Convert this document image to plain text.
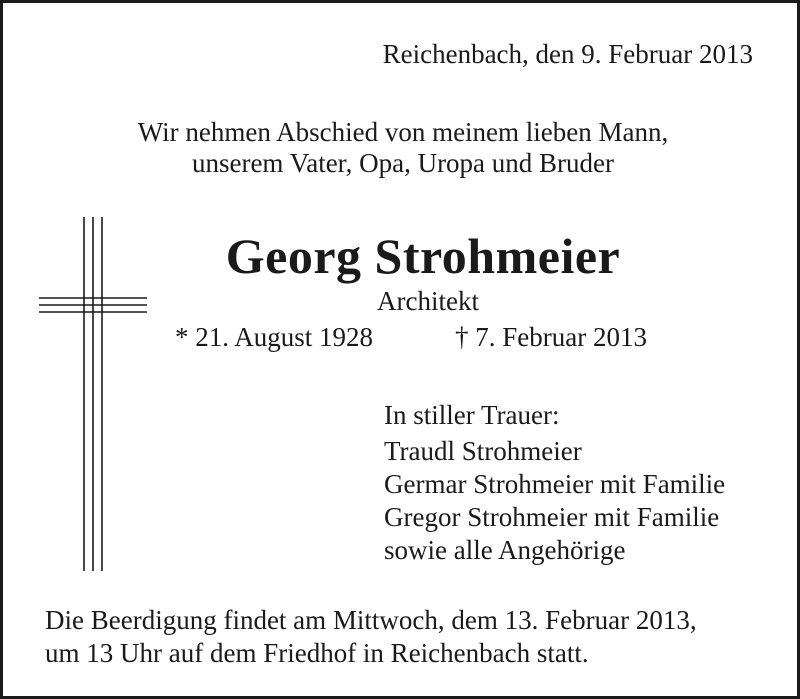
Reichenbach, den 9. Februar 2013
Wir nehmen Abschied von meinem lieben Mann,
unserem Vater, Opa, Uropa und Bruder
Georg Strohmeier
Architekt
* 21. August 1928	† 7. Februar 2013
In stiller Trauer:
Traudl Strohmeier
Germar Strohmeier mit Familie
Gregor Strohmeier mit Familie
sowie alle Angehörige
Die Beerdigung findet am Mittwoch, dem 13. Februar 2013,
um 13 Uhr auf dem Friedhof in Reichenbach statt.
